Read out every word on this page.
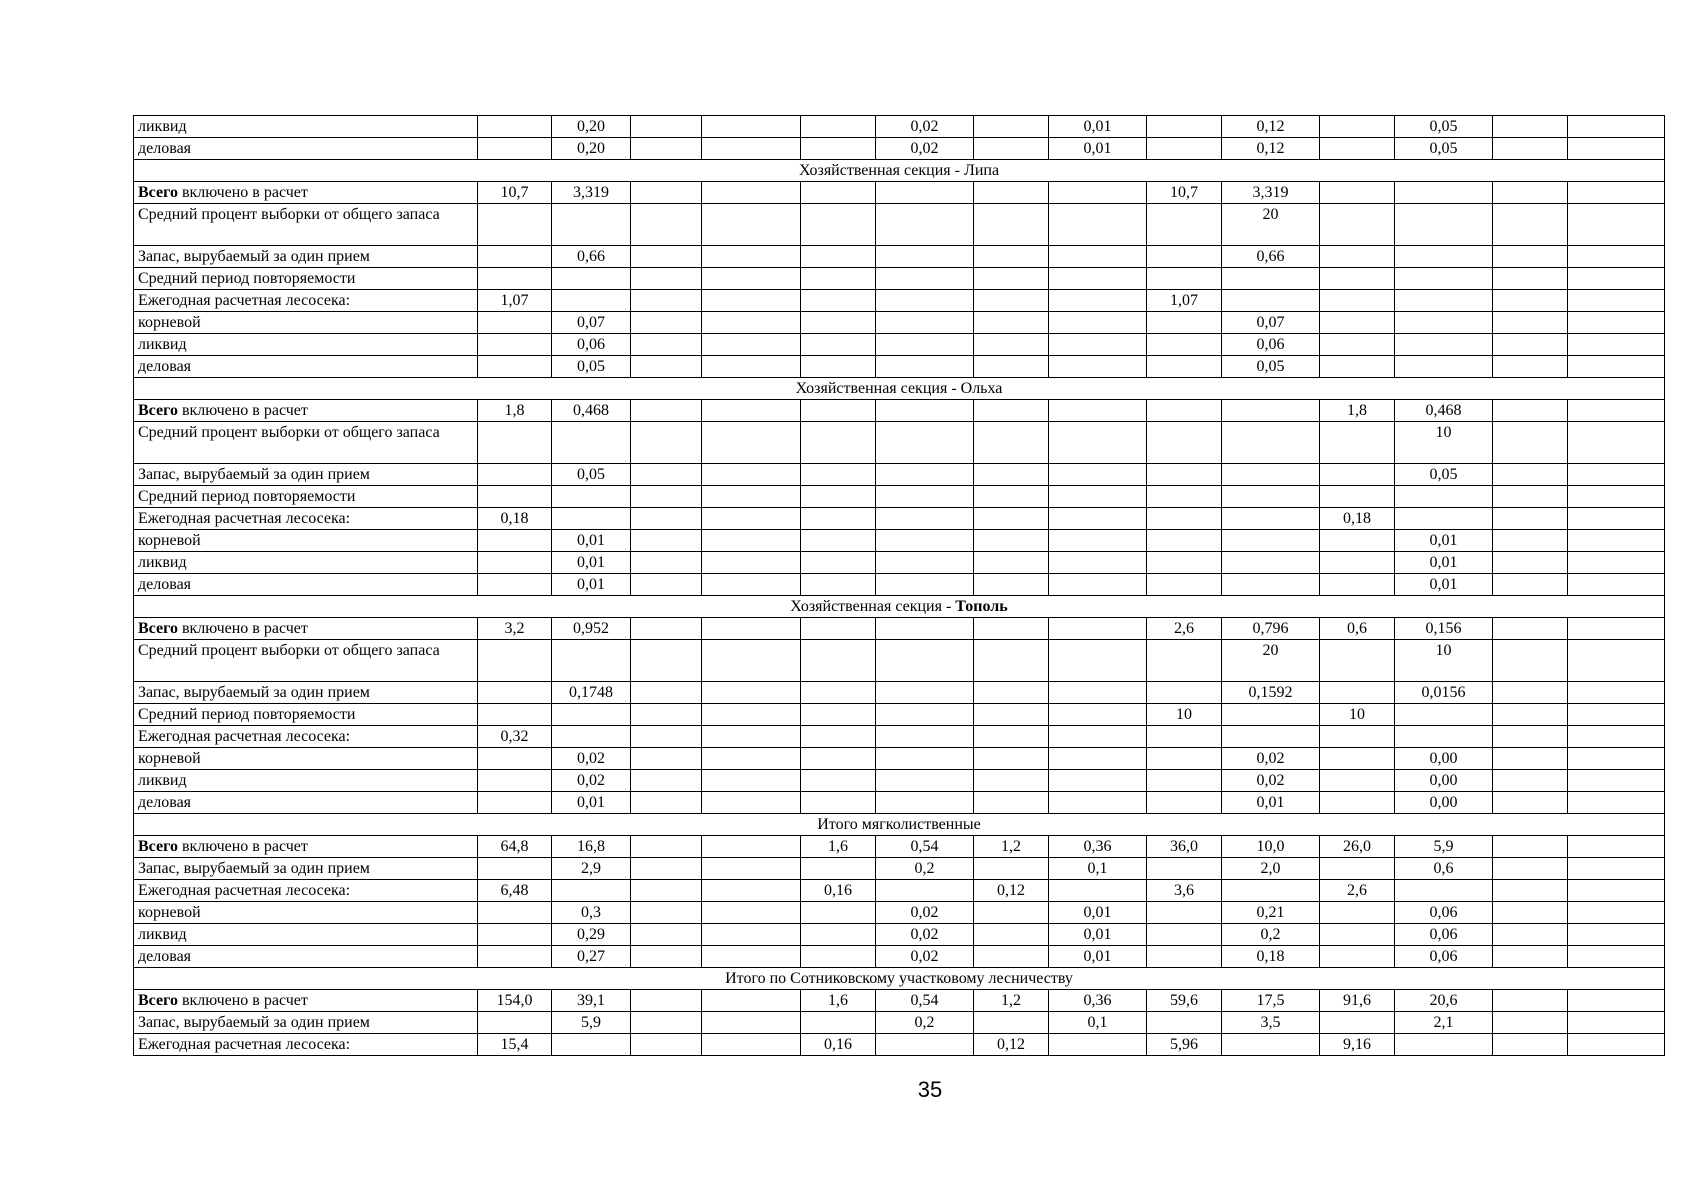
ликвид		0,20				0,02		0,01		0,12		0,05		
деловая		0,20				0,02		0,01		0,12		0,05		
Хозяйственная секция - Липа														
Всего включено в расчет	10,7	3,319							10,7	3,319				
Средний процент выборки от общего запаса										20				
Запас, вырубаемый за один прием		0,66								0,66				
Средний период повторяемости														
Ежегодная расчетная лесосека:	1,07								1,07					
корневой		0,07								0,07				
ликвид		0,06								0,06				
деловая		0,05								0,05				
Хозяйственная секция - Ольха														
Всего включено в расчет	1,8	0,468									1,8	0,468		
Средний процент выборки от общего запаса												10		
Запас, вырубаемый за один прием		0,05										0,05		
Средний период повторяемости														
Ежегодная расчетная лесосека:	0,18										0,18			
корневой		0,01										0,01		
ликвид		0,01										0,01		
деловая		0,01										0,01		
Хозяйственная секция - Тополь														
Всего включено в расчет	3,2	0,952							2,6	0,796	0,6	0,156		
Средний процент выборки от общего запаса										20		10		
Запас, вырубаемый за один прием		0,1748								0,1592		0,0156		
Средний период повторяемости									10		10			
Ежегодная расчетная лесосека:	0,32													
корневой		0,02								0,02		0,00		
ликвид		0,02								0,02		0,00		
деловая		0,01								0,01		0,00		
Итого мягколиственные														
Всего включено в расчет	64,8	16,8			1,6	0,54	1,2	0,36	36,0	10,0	26,0	5,9		
Запас, вырубаемый за один прием		2,9				0,2		0,1		2,0		0,6		
Ежегодная расчетная лесосека:	6,48				0,16		0,12		3,6		2,6			
корневой		0,3				0,02		0,01		0,21		0,06		
ликвид		0,29				0,02		0,01		0,2		0,06		
деловая		0,27				0,02		0,01		0,18		0,06		
Итого по Сотниковскому участковому лесничеству														
Всего включено в расчет	154,0	39,1			1,6	0,54	1,2	0,36	59,6	17,5	91,6	20,6		
Запас, вырубаемый за один прием		5,9				0,2		0,1		3,5		2,1		
Ежегодная расчетная лесосека:	15,4				0,16		0,12		5,96		9,16			
35
